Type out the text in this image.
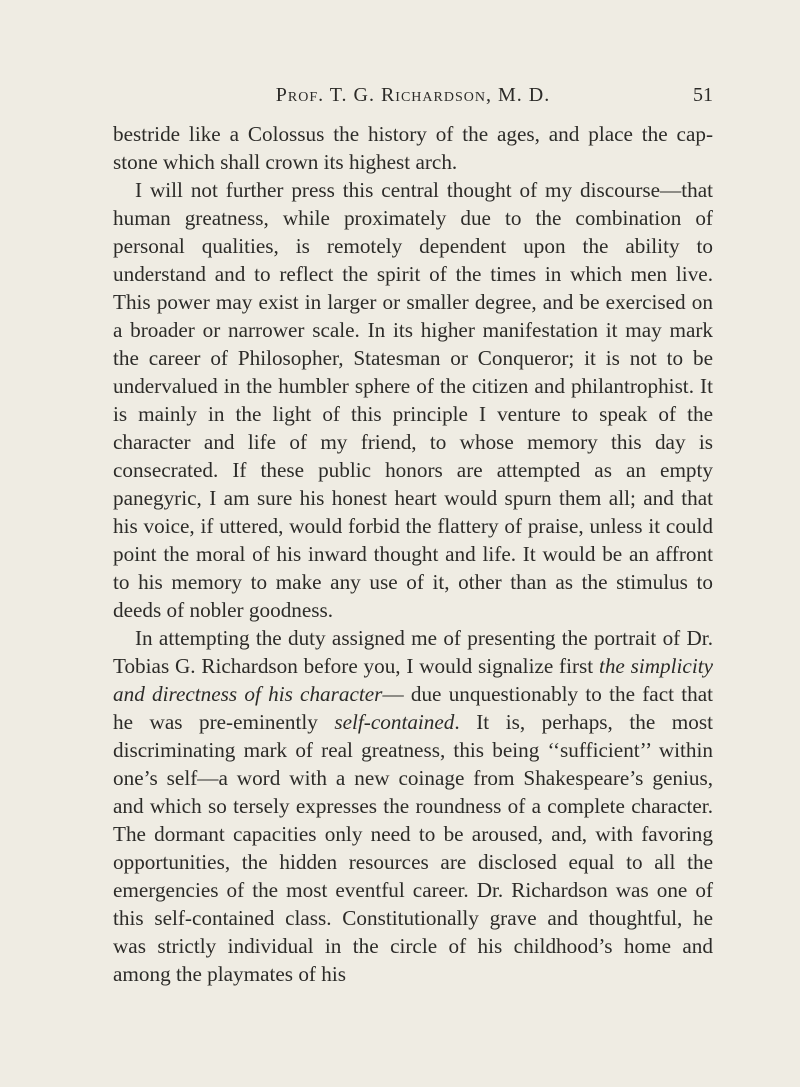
Prof. T. G. Richardson, M. D.	51

bestride like a Colossus the history of the ages, and place the cap-stone which shall crown its highest arch.

I will not further press this central thought of my discourse—that human greatness, while proximately due to the combination of personal qualities, is remotely dependent upon the ability to understand and to reflect the spirit of the times in which men live. This power may exist in larger or smaller degree, and be exercised on a broader or narrower scale. In its higher manifestation it may mark the career of Philosopher, Statesman or Conqueror; it is not to be undervalued in the humbler sphere of the citizen and philantrophist. It is mainly in the light of this principle I venture to speak of the character and life of my friend, to whose memory this day is consecrated. If these public honors are attempted as an empty panegyric, I am sure his honest heart would spurn them all; and that his voice, if uttered, would forbid the flattery of praise, unless it could point the moral of his inward thought and life. It would be an affront to his memory to make any use of it, other than as the stimulus to deeds of nobler goodness.

In attempting the duty assigned me of presenting the portrait of Dr. Tobias G. Richardson before you, I would signalize first the simplicity and directness of his character— due unquestionably to the fact that he was pre-eminently self-contained. It is, perhaps, the most discriminating mark of real greatness, this being ‘‘sufficient’’ within one’s self—a word with a new coinage from Shakespeare’s genius, and which so tersely expresses the roundness of a complete character. The dormant capacities only need to be aroused, and, with favoring opportunities, the hidden resources are disclosed equal to all the emergencies of the most eventful career. Dr. Richardson was one of this self-contained class. Constitutionally grave and thoughtful, he was strictly individual in the circle of his childhood’s home and among the playmates of his
